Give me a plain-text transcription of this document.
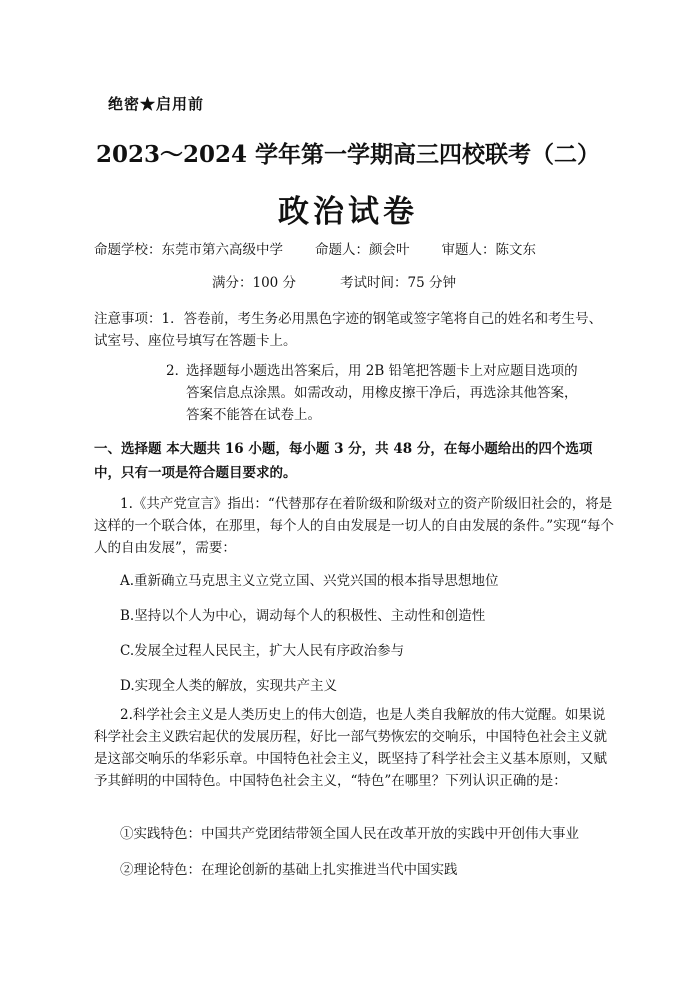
绝密★启用前
2023～2024 学年第一学期高三四校联考（二）
政治试卷
命题学校：东莞市第六高级中学 命题人：颜会叶 审题人：陈文东
满分：100 分	考试时间：75 分钟
注意事项：1．答卷前，考生务必用黑色字迹的钢笔或签字笔将自己的姓名和考生号、试室号、座位号填写在答题卡上。
2．
选择题每小题选出答案后，用 2B 铅笔把答题卡上对应题目选项的答案信息点涂黑。如需改动，用橡皮擦干净后，再选涂其他答案，答案不能答在试卷上。
一、选择题 本大题共 16 小题，每小题 3 分，共 48 分，在每小题给出的四个选项中，只有一项是符合题目要求的。
1.《共产党宣言》指出：“代替那存在着阶级和阶级对立的资产阶级旧社会的，将是这样的一个联合体，在那里，每个人的自由发展是一切人的自由发展的条件。”实现“每个人的自由发展”，需要：
A.重新确立马克思主义立党立国、兴党兴国的根本指导思想地位
B.坚持以个人为中心，调动每个人的积极性、主动性和创造性
C.发展全过程人民民主，扩大人民有序政治参与
D.实现全人类的解放，实现共产主义
2.科学社会主义是人类历史上的伟大创造，也是人类自我解放的伟大觉醒。如果说科学社会主义跌宕起伏的发展历程，好比一部气势恢宏的交响乐，中国特色社会主义就是这部交响乐的华彩乐章。中国特色社会主义，既坚持了科学社会主义基本原则，又赋予其鲜明的中国特色。中国特色社会主义，“特色”在哪里？下列认识正确的是：
①实践特色：中国共产党团结带领全国人民在改革开放的实践中开创伟大事业
②理论特色：在理论创新的基础上扎实推进当代中国实践
